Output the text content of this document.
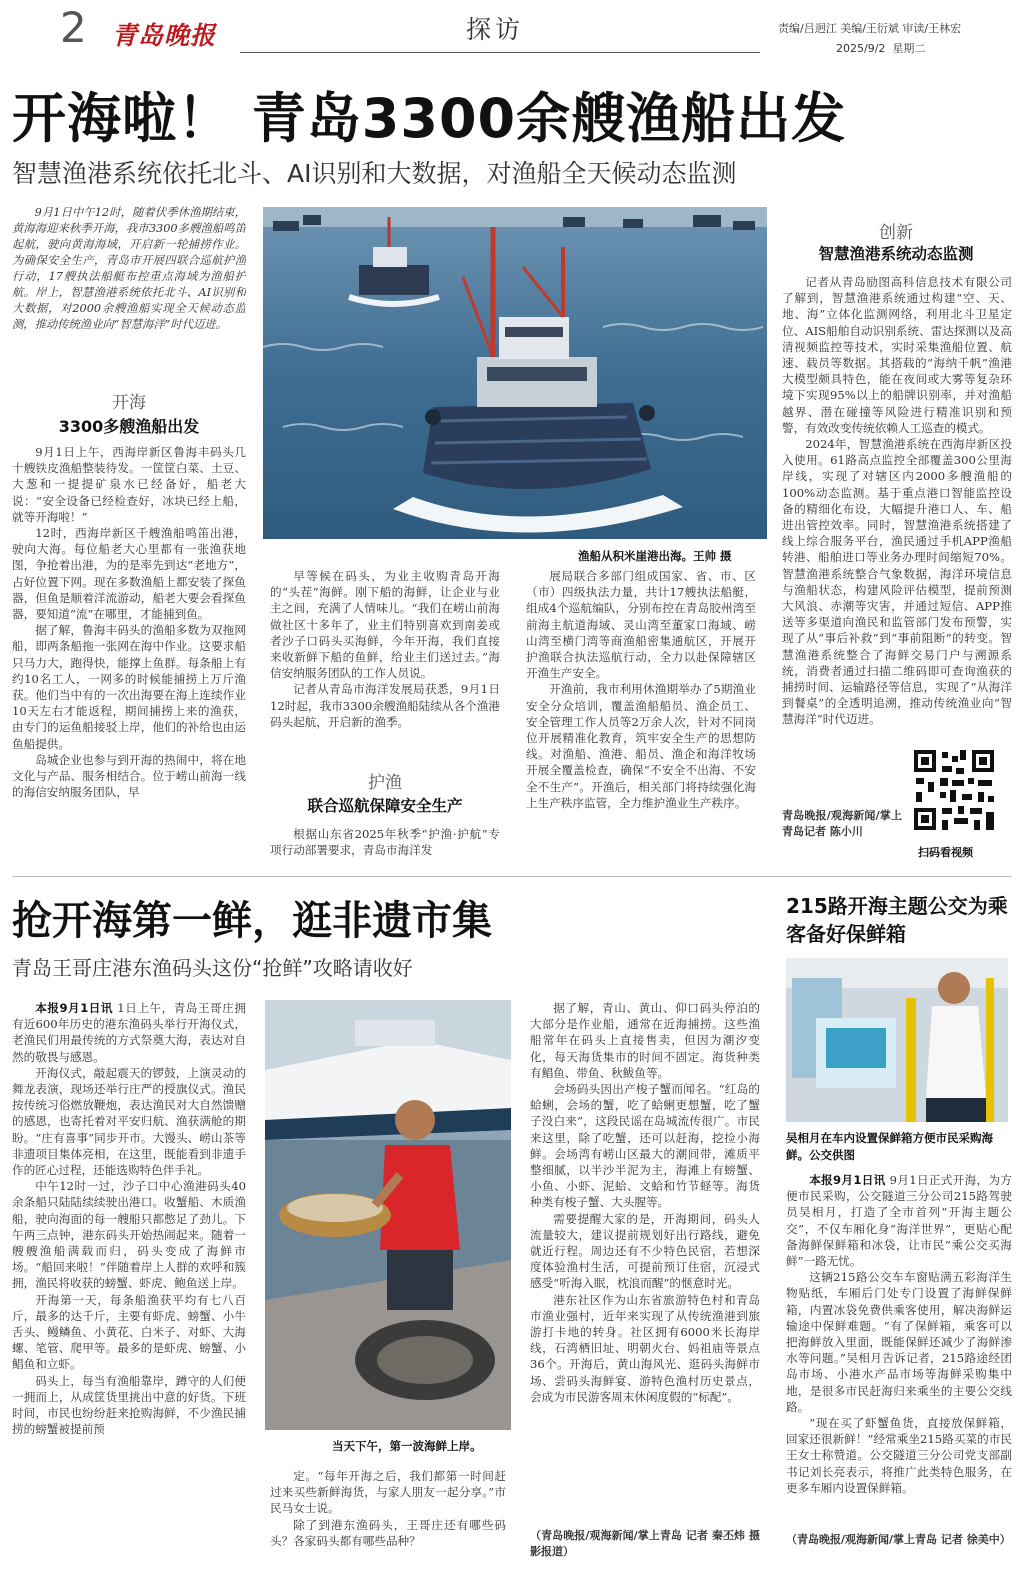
2 青岛晚报	探访	责编/吕迥江 美编/王衍斌 审读/王林宏
2025/9/2  星期二
开海啦！ 青岛3300余艘渔船出发
智慧渔港系统依托北斗、AI识别和大数据，对渔船全天候动态监测

9月1日中午12时，随着伏季休渔期结束，黄海海迎来秋季开海，我市3300多艘渔船鸣笛起航，驶向黄海海域，开启新一轮捕捞作业。为确保安全生产，青岛市开展四联合巡航护渔行动，17艘执法船艇布控重点海域为渔船护航。岸上，智慧渔港系统依托北斗、AI识别和大数据，对2000余艘渔船实现全天候动态监测，推动传统渔业向“智慧海洋”时代迈进。

开海
3300多艘渔船出发

9月1日上午，西海岸新区鲁海丰码头几十艘铁皮渔船整装待发。一筐筐白菜、土豆、大葱和一提提矿泉水已经备好，船老大说：“安全设备已经检查好，冰块已经上船，就等开海啦！”

12时，西海岸新区千艘渔船鸣笛出港，驶向大海。每位船老大心里都有一张渔获地图，争抢着出港，为的是率先到达“老地方”，占好位置下网。现在多数渔船上都安装了探鱼器，但鱼是顺着洋流游动，船老大要会看探鱼器，要知道“流”在哪里，才能捕到鱼。

据了解，鲁海丰码头的渔船多数为双拖网船，即两条船拖一张网在海中作业。这要求船只马力大，跑得快，能撑上鱼群。每条船上有约10名工人，一网多的时候能捕捞上万斤渔获。他们当中有的一次出海要在海上连续作业10天左右才能返程，期间捕捞上来的渔获，由专门的运鱼船接驳上岸，他们的补给也由运鱼船提供。

岛城企业也参与到开海的热闹中，将在地文化与产品、服务相结合。位于崂山前海一线的海信安纳服务团队，早

渔船从积米崖港出海。王帅 摄

早等候在码头，为业主收购青岛开海的“头茬”海鲜。刚下船的海鲜，让企业与业主之间，充满了人情味儿。“我们在崂山前海做社区十多年了，业主们特别喜欢到南姜或者沙子口码头买海鲜，今年开海，我们直接来收新鲜下船的鱼鲜，给业主们送过去。”海信安纳服务团队的工作人员说。

记者从青岛市海洋发展局获悉，9月1日12时起，我市3300余艘渔船陆续从各个渔港码头起航，开启新的渔季。

护渔
联合巡航保障安全生产

根据山东省2025年秋季“护渔·护航”专项行动部署要求，青岛市海洋发

展局联合多部门组成国家、省、市、区（市）四级执法力量，共计17艘执法船艇，组成4个巡航编队，分别布控在青岛胶州湾至前海主航道海域、灵山湾至董家口海域、崂山湾至横门湾等商渔船密集通航区，开展开护渔联合执法巡航行动，全力以赴保障辖区开渔生产安全。

开渔前，我市利用休渔期举办了5期渔业安全分众培训，覆盖渔船船员、渔企员工、安全管理工作人员等2万余人次，针对不同岗位开展精准化教育，筑牢安全生产的思想防线。对渔船、渔港、船员、渔企和海洋牧场开展全覆盖检查，确保“不安全不出海、不安全不生产”。开渔后，相关部门将持续强化海上生产秩序监管，全力维护渔业生产秩序。

创新
智慧渔港系统动态监测

记者从青岛励图高科信息技术有限公司了解到，智慧渔港系统通过构建“空、天、地、海”立体化监测网络，利用北斗卫星定位、AIS船舶自动识别系统、雷达探测以及高清视频监控等技术，实时采集渔船位置、航速、载员等数据。其搭载的“海纳千帆”渔港大模型颇具特色，能在夜间或大雾等复杂环境下实现95%以上的船牌识别率，并对渔船越界、潜在碰撞等风险进行精准识别和预警，有效改变传统依赖人工巡查的模式。

2024年，智慧渔港系统在西海岸新区投入使用。61路高点监控全部覆盖300公里海岸线，实现了对辖区内2000多艘渔船的100%动态监测。基于重点港口智能监控设备的精细化布设，大幅提升港口人、车、船进出管控效率。同时，智慧渔港系统搭建了线上综合服务平台，渔民通过手机APP渔船转港、船舶进口等业务办理时间缩短70%。智慧渔港系统整合气象数据，海洋环境信息与渔船状态，构建风险评估模型，提前预测大风浪、赤潮等灾害，并通过短信、APP推送等多渠道向渔民和监管部门发布预警，实现了从“事后补救”到“事前阻断”的转变。智慧渔港系统整合了海鲜交易门户与溯源系统，消费者通过扫描二维码即可查询渔获的捕捞时间、运输路径等信息，实现了“从海洋到餐桌”的全透明追溯，推动传统渔业向“智慧海洋”时代迈进。

青岛晚报/观海新闻/掌上青岛记者 陈小川
扫码看视频
抢开海第一鲜，逛非遗市集
青岛王哥庄港东渔码头这份“抢鲜”攻略请收好

本报9月1日讯 1日上午，青岛王哥庄拥有近600年历史的港东渔码头举行开海仪式，老渔民们用最传统的方式祭奠大海，表达对自然的敬畏与感恩。

开海仪式，敲起震天的锣鼓，上演灵动的舞龙表演，现场还举行庄严的授旗仪式。渔民按传统习俗燃放鞭炮，表达渔民对大自然馈赠的感恩，也寄托着对平安归航、渔获满舱的期盼。“庄有喜事”同步开市。大馒头、崂山茶等非遗项目集体亮相，在这里，既能看到非遗手作的匠心过程，还能选购特色伴手礼。

中午12时一过，沙子口中心渔港码头40余条船只陆陆续续驶出港口。收蟹船、木质渔船，驶向海面的每一艘船只都憋足了劲儿。下午两三点钟，港东码头开始热闹起来。随着一艘艘渔船满载而归，码头变成了海鲜市场。“船回来啦！”伴随着岸上人群的欢呼和簇拥，渔民将收获的螃蟹、虾虎、鲍鱼送上岸。

开海第一天，每条船渔获平均有七八百斤，最多的达千斤，主要有虾虎、螃蟹、小牛舌头、鳗鳞鱼、小黄花、白米子、对虾、大海螺、笔管、爬甲等。最多的是虾虎、螃蟹、小鲳鱼和立虾。

码头上，每当有渔船靠岸，蹲守的人们便一拥而上，从成筐货里挑出中意的好货。下班时间，市民也纷纷赶来抢购海鲜，不少渔民捕捞的螃蟹被提前预

当天下午，第一波海鲜上岸。

定。“每年开海之后，我们都第一时间赶过来买些新鲜海货，与家人朋友一起分享。”市民马女士说。

除了到港东渔码头，王哥庄还有哪些码头？各家码头都有哪些品种？

据了解，青山、黄山、仰口码头停泊的大部分是作业船，通常在近海捕捞。这些渔船常年在码头上直接售卖，但因为潮汐变化，每天海货集市的时间不固定。海货种类有鲳鱼、带鱼、秋鲅鱼等。

会场码头因出产梭子蟹而闻名。“红岛的蛤蜊，会场的蟹，吃了蛤蜊更想蟹，吃了蟹子没白来”，这段民谣在岛城流传很广。市民来这里，除了吃蟹，还可以赶海，挖捡小海鲜。会场湾有崂山区最大的潮间带，滩质平整细腻，以半沙半泥为主，海滩上有螃蟹、小鱼、小虾、泥蛤、文蛤和竹节蛏等。海货种类有梭子蟹、大头腥等。

需要提醒大家的是，开海期间，码头人流量较大，建议提前规划好出行路线，避免就近行程。周边还有不少特色民宿，若想深度体验渔村生活，可提前预订住宿，沉浸式感受“听海入眠，枕浪而醒”的惬意时光。

港东社区作为山东省旅游特色村和青岛市渔业强村，近年来实现了从传统渔港到旅游打卡地的转身。社区拥有6000米长海岸线，石湾栖旧址、明朝火台、妈祖庙等景点36个。开海后，黄山海风光、逛码头海鲜市场、尝码头海鲜宴、游特色渔村历史景点，会成为市民游客周末休闲度假的“标配”。

（青岛晚报/观海新闻/掌上青岛 记者 秦丕炜 摄影报道）
215路开海主题公交为乘客备好保鲜箱
吴相月在车内设置保鲜箱方便市民采购海鲜。公交供图

本报9月1日讯 9月1日正式开海，为方便市民采购，公交隧道三分公司215路驾驶员吴相月，打造了全市首列“开海主题公交”，不仅车厢化身“海洋世界”，更贴心配备海鲜保鲜箱和冰袋，让市民“乘公交买海鲜”一路无忧。

这辆215路公交车车窗贴满五彩海洋生物贴纸，车厢后门处专门设置了海鲜保鲜箱，内置冰袋免费供乘客使用，解决海鲜运输途中保鲜难题。“有了保鲜箱，乘客可以把海鲜放入里面，既能保鲜还减少了海鲜渗水等问题。”吴相月告诉记者，215路途经团岛市场、小港水产品市场等海鲜采购集中地，是很多市民赶海归来乘坐的主要公交线路。

“现在买了虾蟹鱼货，直接放保鲜箱，回家还很新鲜！”经常乘坐215路买菜的市民王女士称赞道。公交隧道三分公司党支部副书记刘长亮表示，将推广此类特色服务，在更多车厢内设置保鲜箱。

（青岛晚报/观海新闻/掌上青岛 记者 徐美中）
